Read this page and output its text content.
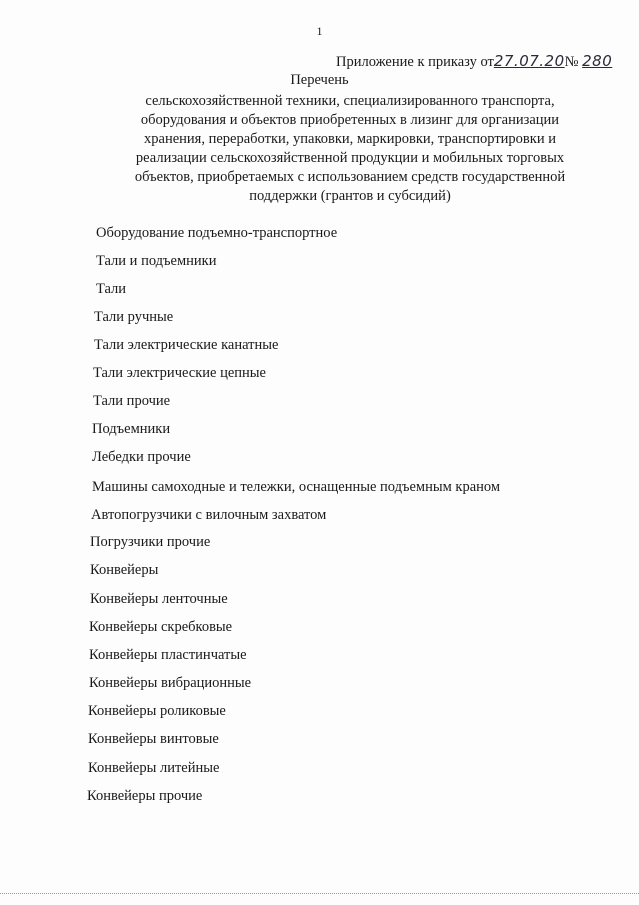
1
Приложение к приказу от27.07.20№ 280
Перечень
сельскохозяйственной техники, специализированного транспорта, оборудования и объектов приобретенных в лизинг для организации хранения, переработки, упаковки, маркировки, транспортировки и реализации сельскохозяйственной продукции и мобильных торговых объектов, приобретаемых с использованием средств государственной поддержки (грантов и субсидий)
Оборудование подъемно-транспортное
Тали и подъемники
Тали
Тали ручные
Тали электрические канатные
Тали электрические цепные
Тали прочие
Подъемники
Лебедки прочие
Машины самоходные и тележки, оснащенные подъемным краном
Автопогрузчики с вилочным захватом
Погрузчики прочие
Конвейеры
Конвейеры ленточные
Конвейеры скребковые
Конвейеры пластинчатые
Конвейеры вибрационные
Конвейеры роликовые
Конвейеры винтовые
Конвейеры литейные
Конвейеры прочие
